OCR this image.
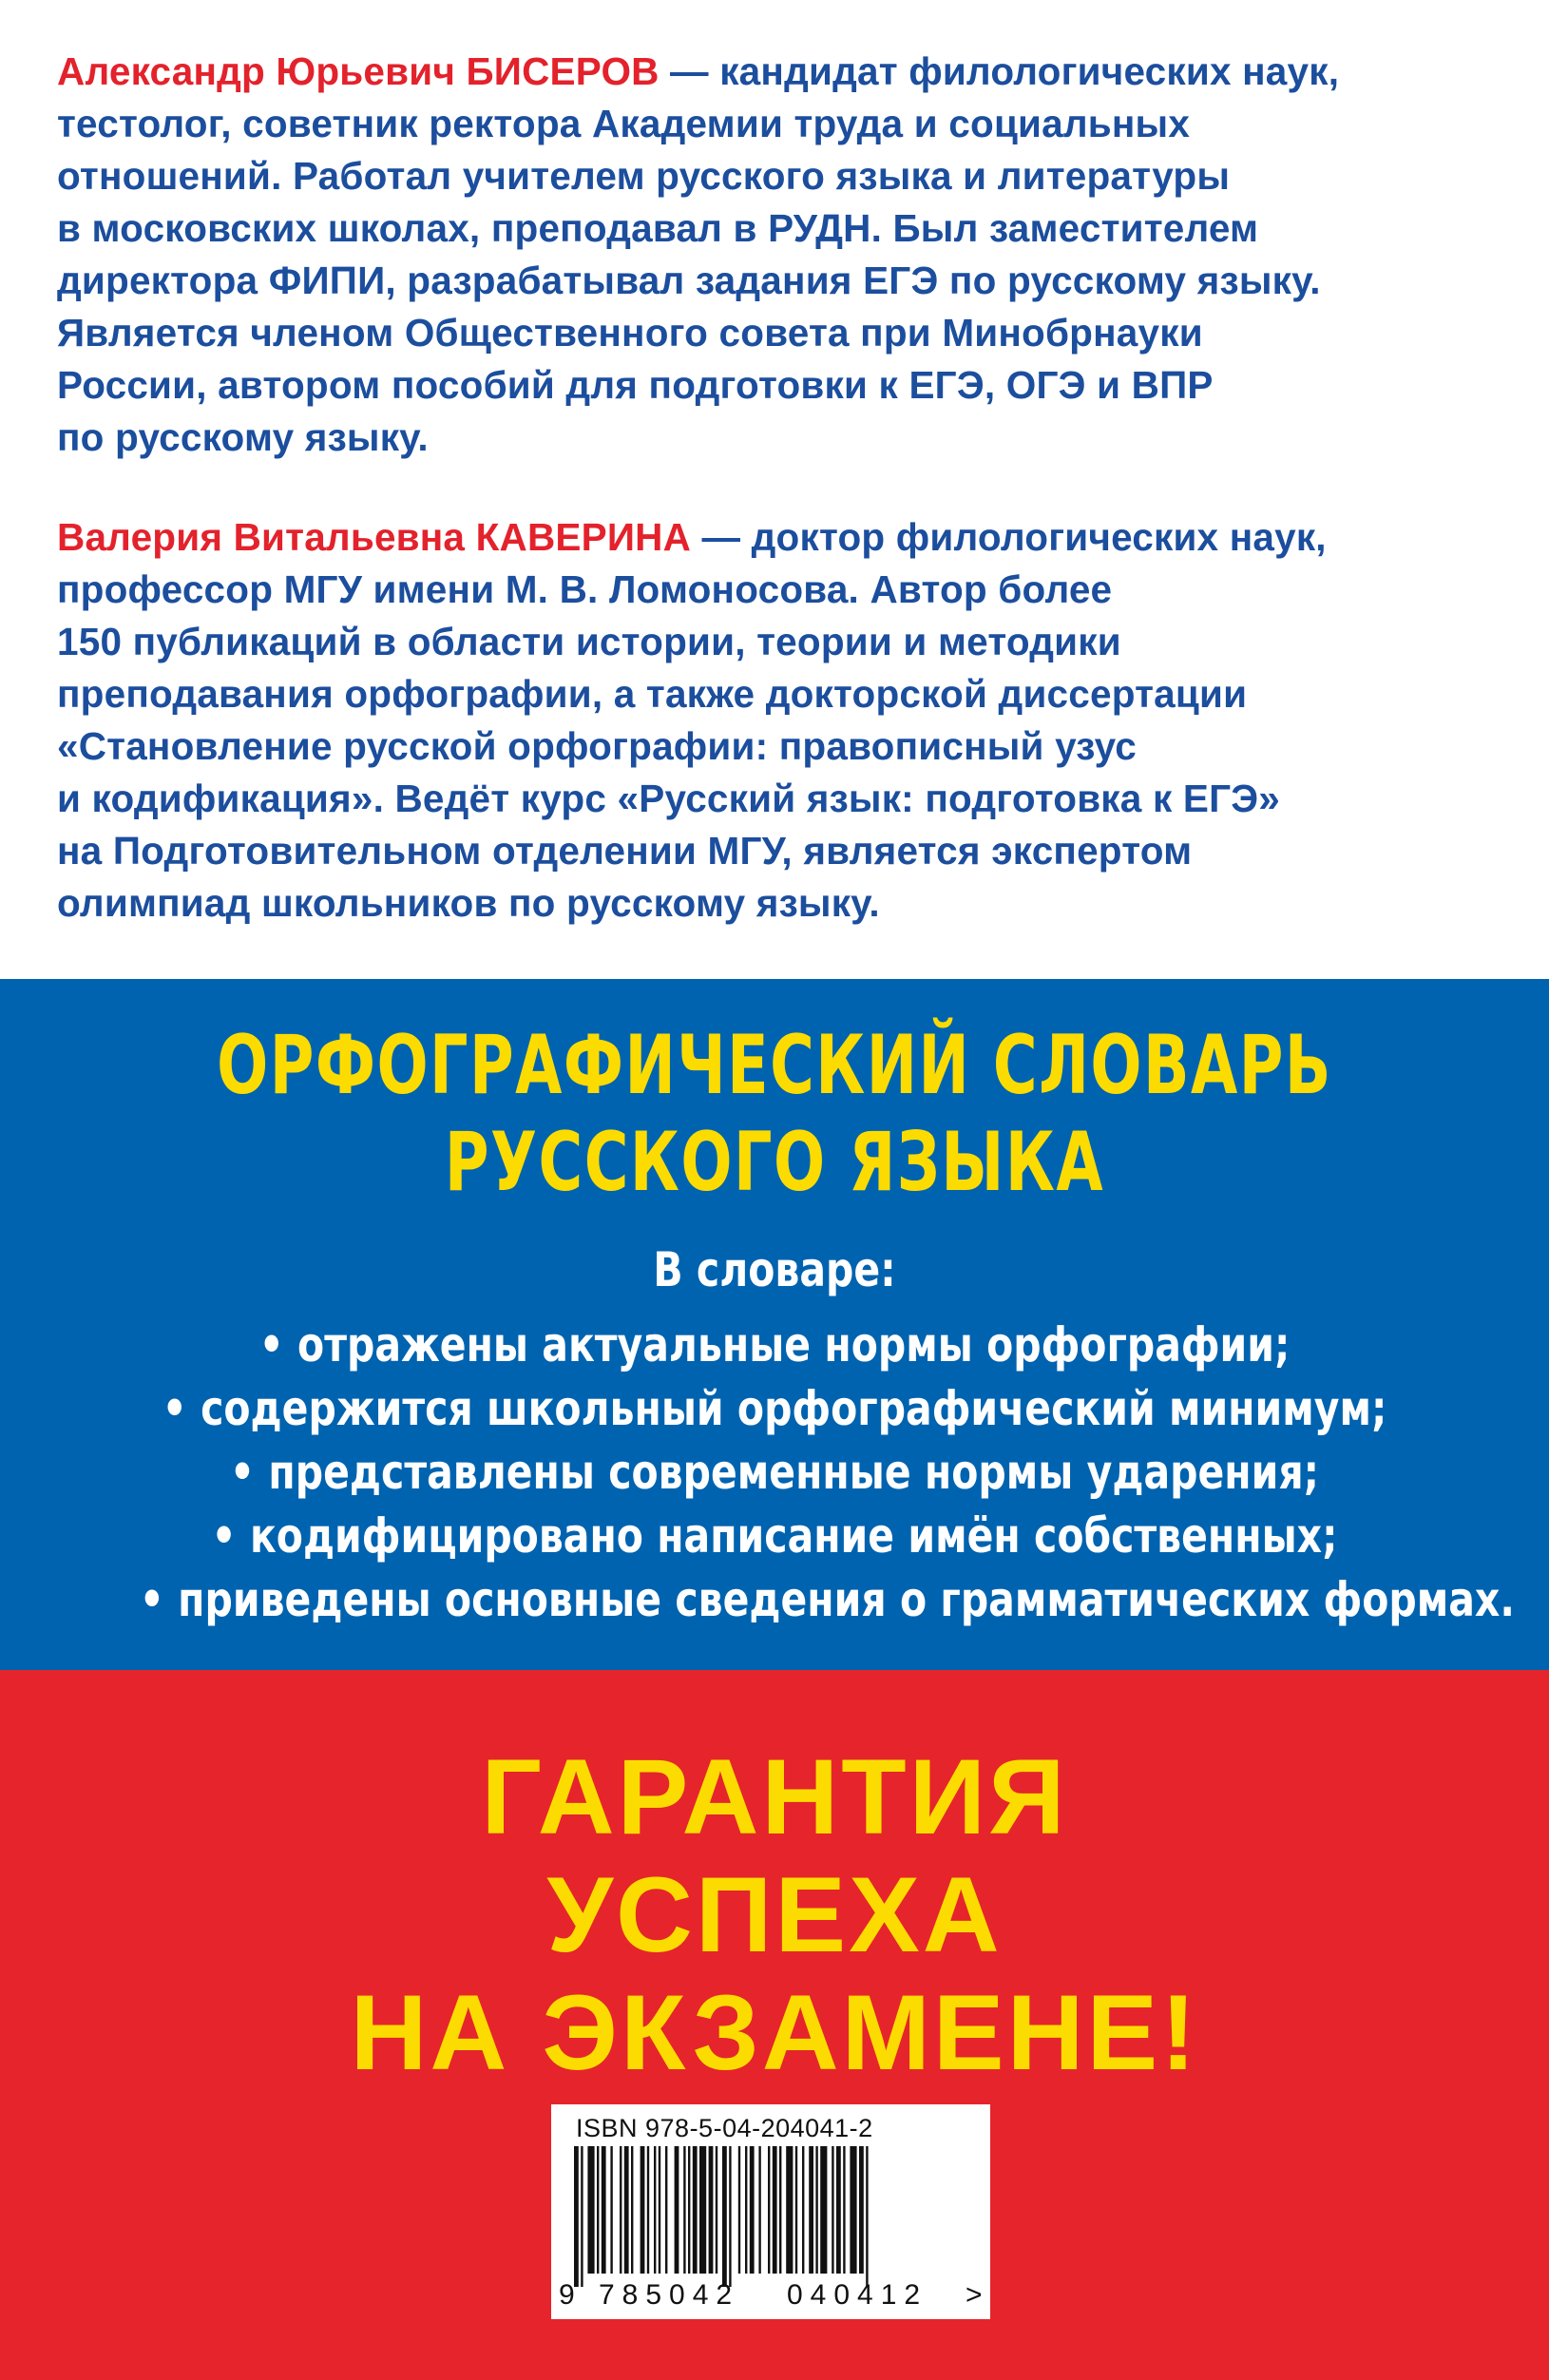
Александр Юрьевич БИСЕРОВ — кандидат филологических наук,
тестолог, советник ректора Академии труда и социальных
отношений. Работал учителем русского языка и литературы
в московских школах, преподавал в РУДН. Был заместителем
директора ФИПИ, разрабатывал задания ЕГЭ по русскому языку.
Является членом Общественного совета при Минобрнауки
России, автором пособий для подготовки к ЕГЭ, ОГЭ и ВПР
по русскому языку.

Валерия Витальевна КАВЕРИНА — доктор филологических наук,
профессор МГУ имени М. В. Ломоносова. Автор более
150 публикаций в области истории, теории и методики
преподавания орфографии, а также докторской диссертации
«Становление русской орфографии: правописный узус
и кодификация». Ведёт курс «Русский язык: подготовка к ЕГЭ»
на Подготовительном отделении МГУ, является экспертом
олимпиад школьников по русскому языку.

ОРФОГРАФИЧЕСКИЙ СЛОВАРЬ
РУССКОГО ЯЗЫКА
В словаре:
• отражены актуальные нормы орфографии;
• содержится школьный орфографический минимум;
• представлены современные нормы ударения;
• кодифицировано написание имён собственных;
• приведены основные сведения о грамматических формах.
ГАРАНТИЯ
УСПЕХА
НА ЭКЗАМЕНЕ!
ISBN 978-5-04-204041-2
9 785042 040412 >
